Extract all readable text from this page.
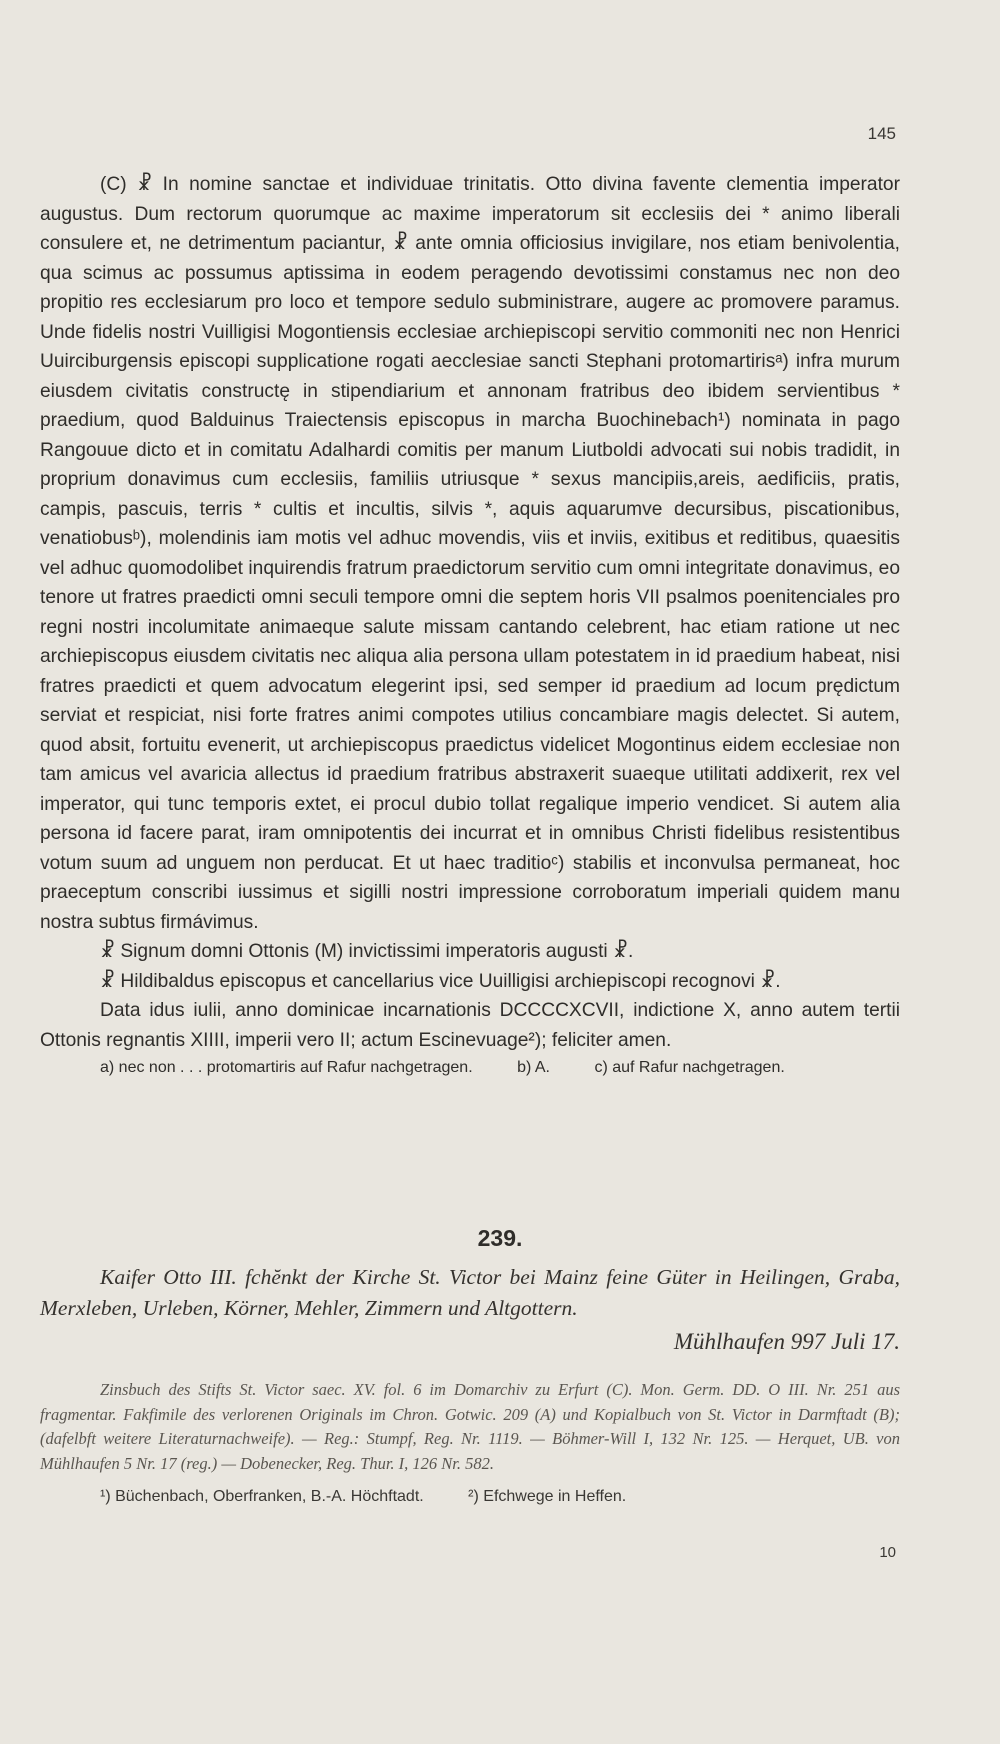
145

(C) ☧ In nomine sanctae et individuae trinitatis. Otto divina favente clementia imperator augustus. Dum rectorum quorumque ac maxime imperatorum sit ecclesiis dei * animo liberali consulere et, ne detrimentum paciantur, ☧ ante omnia officiosius invigilare, nos etiam benivolentia, qua scimus ac possumus aptissima in eodem peragendo devotissimi constamus nec non deo propitio res ecclesiarum pro loco et tempore sedulo subministrare, augere ac promovere paramus. Unde fidelis nostri Vuilligisi Mogontiensis ecclesiae archiepiscopi servitio commoniti nec non Henrici Uuirciburgensis episcopi supplicatione rogati aecclesiae sancti Stephani protomartirisᵃ) infra murum eiusdem civitatis constructę in stipendiarium et annonam fratribus deo ibidem servientibus * praedium, quod Balduinus Traiectensis episcopus in marcha Buochinebach¹) nominata in pago Rangouue dicto et in comitatu Adalhardi comitis per manum Liutboldi advocati sui nobis tradidit, in proprium donavimus cum ecclesiis, familiis utriusque * sexus mancipiis,areis, aedificiis, pratis, campis, pascuis, terris * cultis et incultis, silvis *, aquis aquarumve decursibus, piscationibus, venatiobusᵇ), molendinis iam motis vel adhuc movendis, viis et inviis, exitibus et reditibus, quaesitis vel adhuc quomodolibet inquirendis fratrum praedictorum servitio cum omni integritate donavimus, eo tenore ut fratres praedicti omni seculi tempore omni die septem horis VII psalmos poenitenciales pro regni nostri incolumitate animaeque salute missam cantando celebrent, hac etiam ratione ut nec archiepiscopus eiusdem civitatis nec aliqua alia persona ullam potestatem in id praedium habeat, nisi fratres praedicti et quem advocatum elegerint ipsi, sed semper id praedium ad locum prędictum serviat et respiciat, nisi forte fratres animi compotes utilius concambiare magis delectet. Si autem, quod absit, fortuitu evenerit, ut archiepiscopus praedictus videlicet Mogontinus eidem ecclesiae non tam amicus vel avaricia allectus id praedium fratribus abstraxerit suaeque utilitati addixerit, rex vel imperator, qui tunc temporis extet, ei procul dubio tollat regalique imperio vendicet. Si autem alia persona id facere parat, iram omnipotentis dei incurrat et in omnibus Christi fidelibus resistentibus votum suum ad unguem non perducat. Et ut haec traditioᶜ) stabilis et inconvulsa permaneat, hoc praeceptum conscribi iussimus et sigilli nostri impressione corroboratum imperiali quidem manu nostra subtus firmávimus.

☧ Signum domni Ottonis (M) invictissimi imperatoris augusti ☧.

☧ Hildibaldus episcopus et cancellarius vice Uuilligisi archiepiscopi recognovi ☧.

Data idus iulii, anno dominicae incarnationis DCCCCXCVII, indictione X, anno autem tertii Ottonis regnantis XIIII, imperii vero II; actum Escinevuage²); feliciter amen.

a) nec non . . . protomartiris auf Rafur nachgetragen.	b) A.	c) auf Rafur nachgetragen.

239.

Kaifer Otto III. fchĕnkt der Kirche St. Victor bei Mainz feine Güter in Heilingen, Graba, Merxleben, Urleben, Körner, Mehler, Zimmern und Altgottern.

Mühlhaufen 997 Juli 17.

Zinsbuch des Stifts St. Victor saec. XV. fol. 6 im Domarchiv zu Erfurt (C). Mon. Germ. DD. O III. Nr. 251 aus fragmentar. Fakfimile des verlorenen Originals im Chron. Gotwic. 209 (A) und Kopialbuch von St. Victor in Darmftadt (B); (dafelbft weitere Literaturnachweife). — Reg.: Stumpf, Reg. Nr. 1119. — Böhmer-Will I, 132 Nr. 125. — Herquet, UB. von Mühlhaufen 5 Nr. 17 (reg.) — Dobenecker, Reg. Thur. I, 126 Nr. 582.

¹) Büchenbach, Oberfranken, B.-A. Höchftadt.	²) Efchwege in Heffen.

10
